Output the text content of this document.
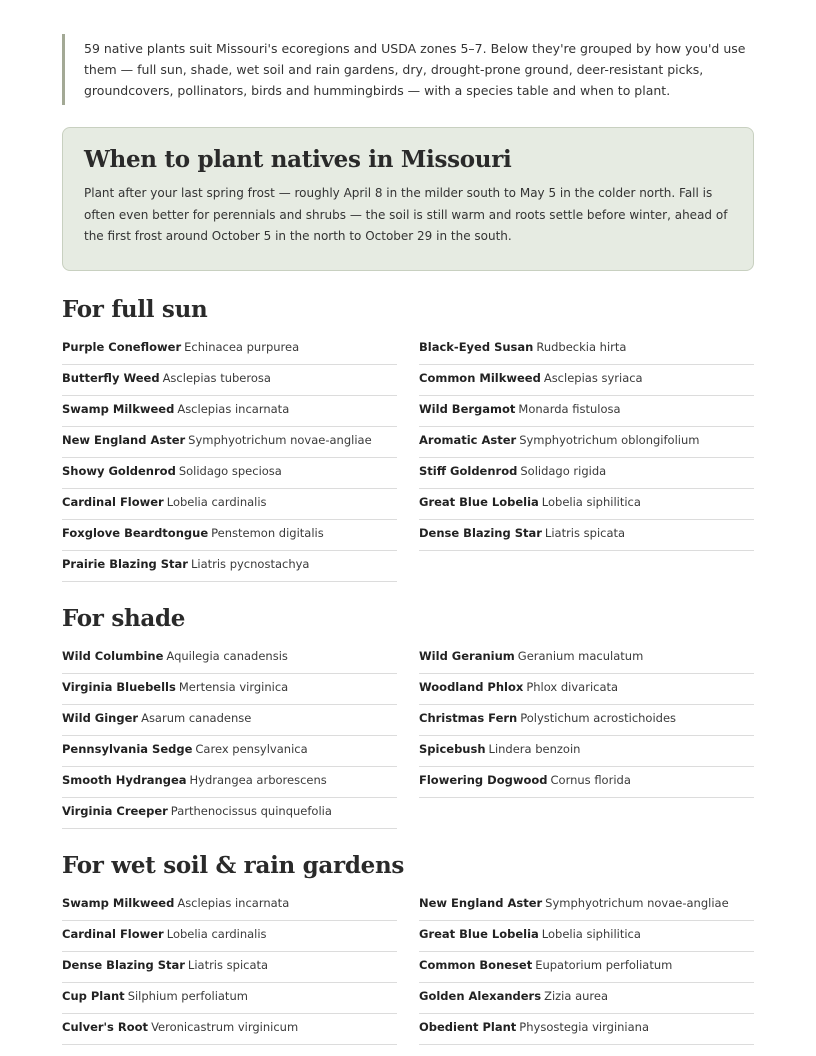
59 native plants suit Missouri's ecoregions and USDA zones 5–7. Below they're grouped by how you'd use them — full sun, shade, wet soil and rain gardens, dry, drought-prone ground, deer-resistant picks, groundcovers, pollinators, birds and hummingbirds — with a species table and when to plant.
When to plant natives in Missouri

Plant after your last spring frost — roughly April 8 in the milder south to May 5 in the colder north. Fall is often even better for perennials and shrubs — the soil is still warm and roots settle before winter, ahead of the first frost around October 5 in the north to October 29 in the south.

For full sun
Purple Coneflower Echinacea purpurea	Black-Eyed Susan Rudbeckia hirta
Butterfly Weed Asclepias tuberosa	Common Milkweed Asclepias syriaca
Swamp Milkweed Asclepias incarnata	Wild Bergamot Monarda fistulosa
New England Aster Symphyotrichum novae-angliae	Aromatic Aster Symphyotrichum oblongifolium
Showy Goldenrod Solidago speciosa	Stiff Goldenrod Solidago rigida
Cardinal Flower Lobelia cardinalis	Great Blue Lobelia Lobelia siphilitica
Foxglove Beardtongue Penstemon digitalis	Dense Blazing Star Liatris spicata
Prairie Blazing Star Liatris pycnostachya
For shade
Wild Columbine Aquilegia canadensis	Wild Geranium Geranium maculatum
Virginia Bluebells Mertensia virginica	Woodland Phlox Phlox divaricata
Wild Ginger Asarum canadense	Christmas Fern Polystichum acrostichoides
Pennsylvania Sedge Carex pensylvanica	Spicebush Lindera benzoin
Smooth Hydrangea Hydrangea arborescens	Flowering Dogwood Cornus florida
Virginia Creeper Parthenocissus quinquefolia
For wet soil & rain gardens
Swamp Milkweed Asclepias incarnata	New England Aster Symphyotrichum novae-angliae
Cardinal Flower Lobelia cardinalis	Great Blue Lobelia Lobelia siphilitica
Dense Blazing Star Liatris spicata	Common Boneset Eupatorium perfoliatum
Cup Plant Silphium perfoliatum	Golden Alexanders Zizia aurea
Culver's Root Veronicastrum virginicum	Obedient Plant Physostegia virginiana
